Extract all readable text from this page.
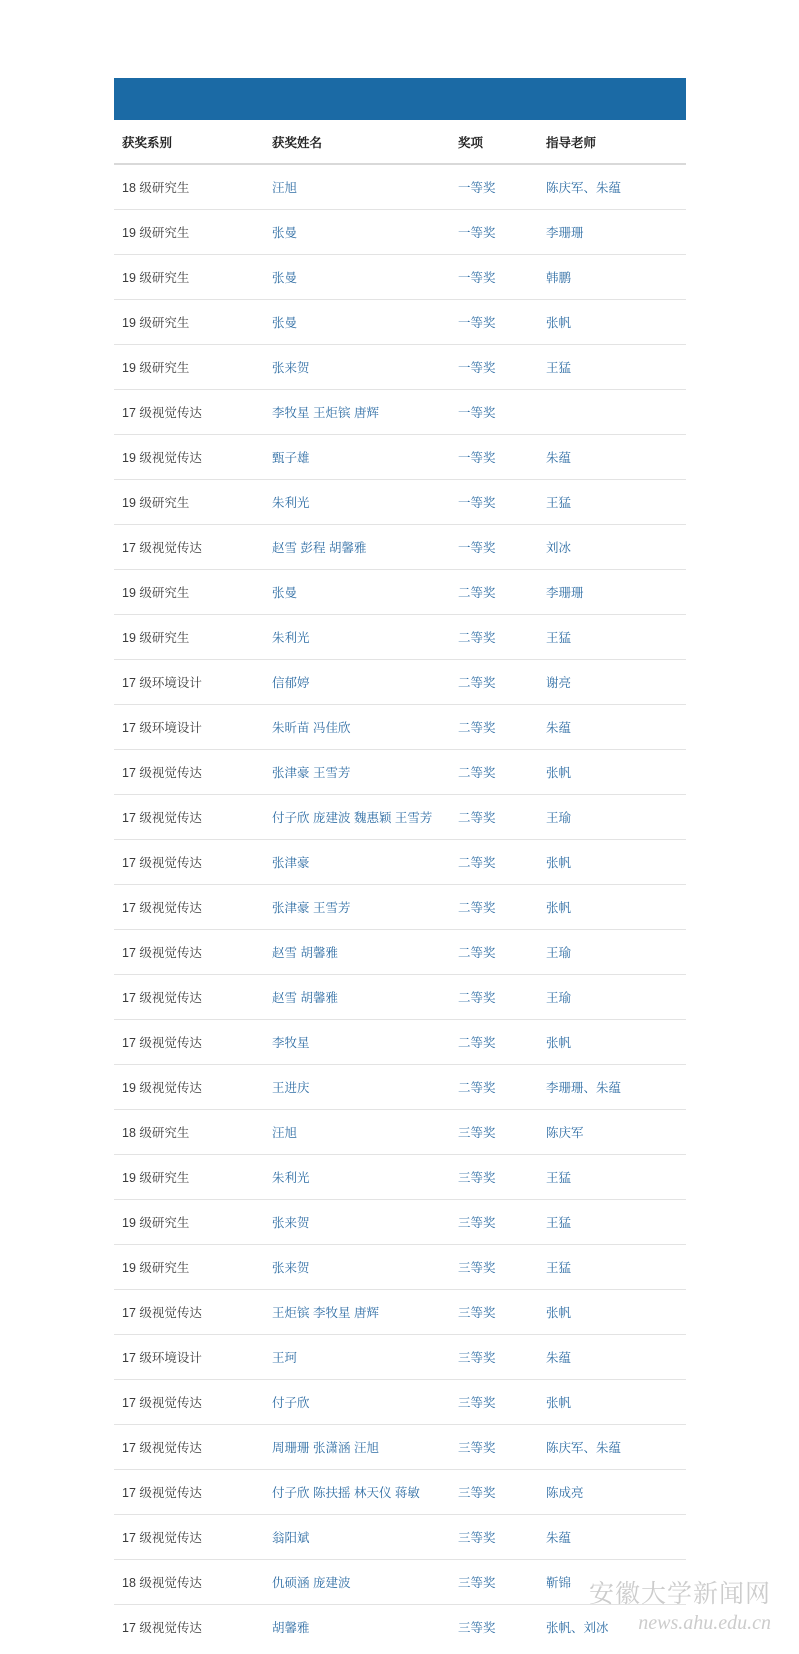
获奖系别	获奖姓名	奖项	指导老师
18 级研究生	汪旭	一等奖	陈庆军、朱蕴
19 级研究生	张曼	一等奖	李珊珊
19 级研究生	张曼	一等奖	韩鹏
19 级研究生	张曼	一等奖	张帆
19 级研究生	张来贺	一等奖	王猛
17 级视觉传达	李牧星 王炬镔 唐辉	一等奖	
19 级视觉传达	甄子雄	一等奖	朱蕴
19 级研究生	朱利光	一等奖	王猛
17 级视觉传达	赵雪 彭程 胡馨雅	一等奖	刘冰
19 级研究生	张曼	二等奖	李珊珊
19 级研究生	朱利光	二等奖	王猛
17 级环境设计	信郁婷	二等奖	谢亮
17 级环境设计	朱昕苗 冯佳欣	二等奖	朱蕴
17 级视觉传达	张津豪 王雪芳	二等奖	张帆
17 级视觉传达	付子欣 庞建波 魏惠颖 王雪芳	二等奖	王瑜
17 级视觉传达	张津豪	二等奖	张帆
17 级视觉传达	张津豪 王雪芳	二等奖	张帆
17 级视觉传达	赵雪 胡馨雅	二等奖	王瑜
17 级视觉传达	赵雪 胡馨雅	二等奖	王瑜
17 级视觉传达	李牧星	二等奖	张帆
19 级视觉传达	王进庆	二等奖	李珊珊、朱蕴
18 级研究生	汪旭	三等奖	陈庆军
19 级研究生	朱利光	三等奖	王猛
19 级研究生	张来贺	三等奖	王猛
19 级研究生	张来贺	三等奖	王猛
17 级视觉传达	王炬镔 李牧星 唐辉	三等奖	张帆
17 级环境设计	王珂	三等奖	朱蕴
17 级视觉传达	付子欣	三等奖	张帆
17 级视觉传达	周珊珊 张潇涵 汪旭	三等奖	陈庆军、朱蕴
17 级视觉传达	付子欣 陈扶摇 林天仪 蒋敏	三等奖	陈成亮
17 级视觉传达	翁阳斌	三等奖	朱蕴
18 级视觉传达	仇硕涵 庞建波	三等奖	靳锦
17 级视觉传达	胡馨雅	三等奖	张帆、刘冰
安徽大学新闻网
news.ahu.edu.cn
